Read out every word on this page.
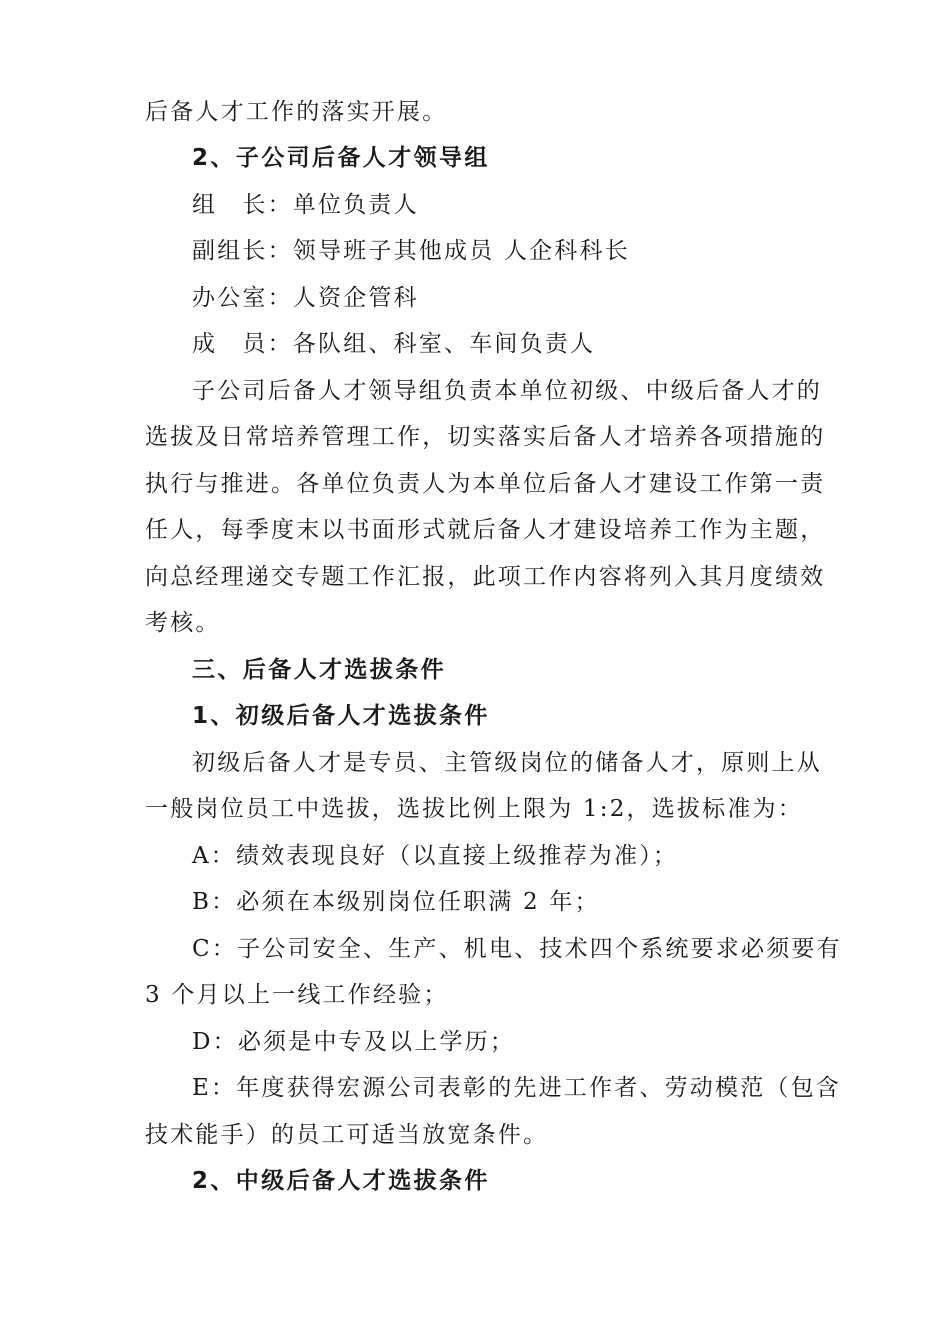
后备人才工作的落实开展。
2、子公司后备人才领导组
组　长：单位负责人
副组长：领导班子其他成员 人企科科长
办公室：人资企管科
成　员：各队组、科室、车间负责人
子公司后备人才领导组负责本单位初级、中级后备人才的
选拔及日常培养管理工作，切实落实后备人才培养各项措施的
执行与推进。各单位负责人为本单位后备人才建设工作第一责
任人，每季度末以书面形式就后备人才建设培养工作为主题，
向总经理递交专题工作汇报，此项工作内容将列入其月度绩效
考核。
三、后备人才选拔条件
1、初级后备人才选拔条件
初级后备人才是专员、主管级岗位的储备人才，原则上从
一般岗位员工中选拔，选拔比例上限为 1:2，选拔标准为：
A：绩效表现良好（以直接上级推荐为准）；
B：必须在本级别岗位任职满 2 年；
C：子公司安全、生产、机电、技术四个系统要求必须要有
3 个月以上一线工作经验；
D：必须是中专及以上学历；
E：年度获得宏源公司表彰的先进工作者、劳动模范（包含
技术能手）的员工可适当放宽条件。
2、中级后备人才选拔条件
